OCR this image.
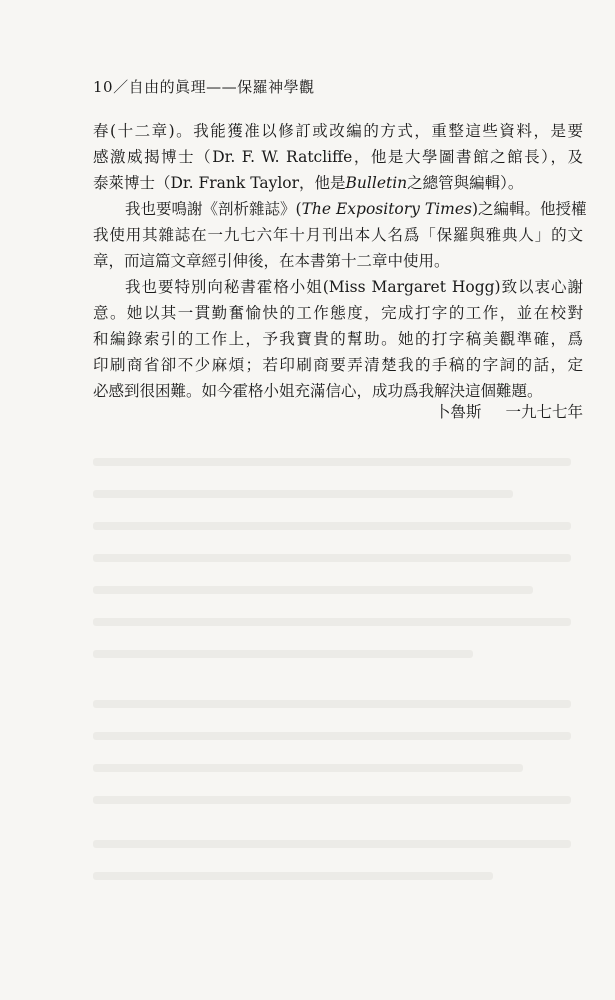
10／自由的眞理——保羅神學觀

春(十二章)。我能獲准以修訂或改編的方式，重整這些資料，是要
感激威揭博士（Dr. F. W. Ratcliffe，他是大學圖書館之館長），及
泰萊博士（Dr. Frank Taylor，他是Bulletin之總管與編輯）。

我也要鳴謝《剖析雜誌》(The Expository Times)之編輯。他授權
我使用其雜誌在一九七六年十月刊出本人名爲「保羅與雅典人」的文
章，而這篇文章經引伸後，在本書第十二章中使用。

我也要特別向秘書霍格小姐(Miss Margaret Hogg)致以衷心謝
意。她以其一貫勤奮愉快的工作態度，完成打字的工作，並在校對
和編錄索引的工作上，予我寶貴的幫助。她的打字稿美觀準確，爲
印刷商省卻不少麻煩；若印刷商要弄清楚我的手稿的字詞的話，定
必感到很困難。如今霍格小姐充滿信心，成功爲我解決這個難題。

卜魯斯 一九七七年
